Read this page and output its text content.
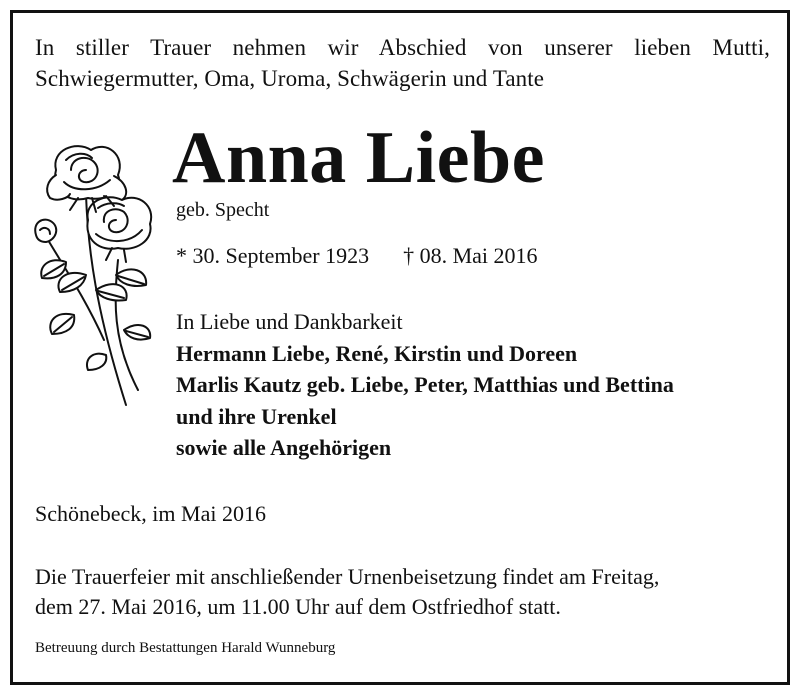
In stiller Trauer nehmen wir Abschied von unserer lieben Mutti,
Schwiegermutter, Oma, Uroma, Schwägerin und Tante
Anna Liebe
geb. Specht
* 30. September 1923 † 08. Mai 2016
In Liebe und Dankbarkeit
Hermann Liebe, René, Kirstin und Doreen
Marlis Kautz geb. Liebe, Peter, Matthias und Bettina
und ihre Urenkel
sowie alle Angehörigen
Schönebeck, im Mai 2016
Die Trauerfeier mit anschließender Urnenbeisetzung findet am Freitag,
dem 27. Mai 2016, um 11.00 Uhr auf dem Ostfriedhof statt.
Betreuung durch Bestattungen Harald Wunneburg
